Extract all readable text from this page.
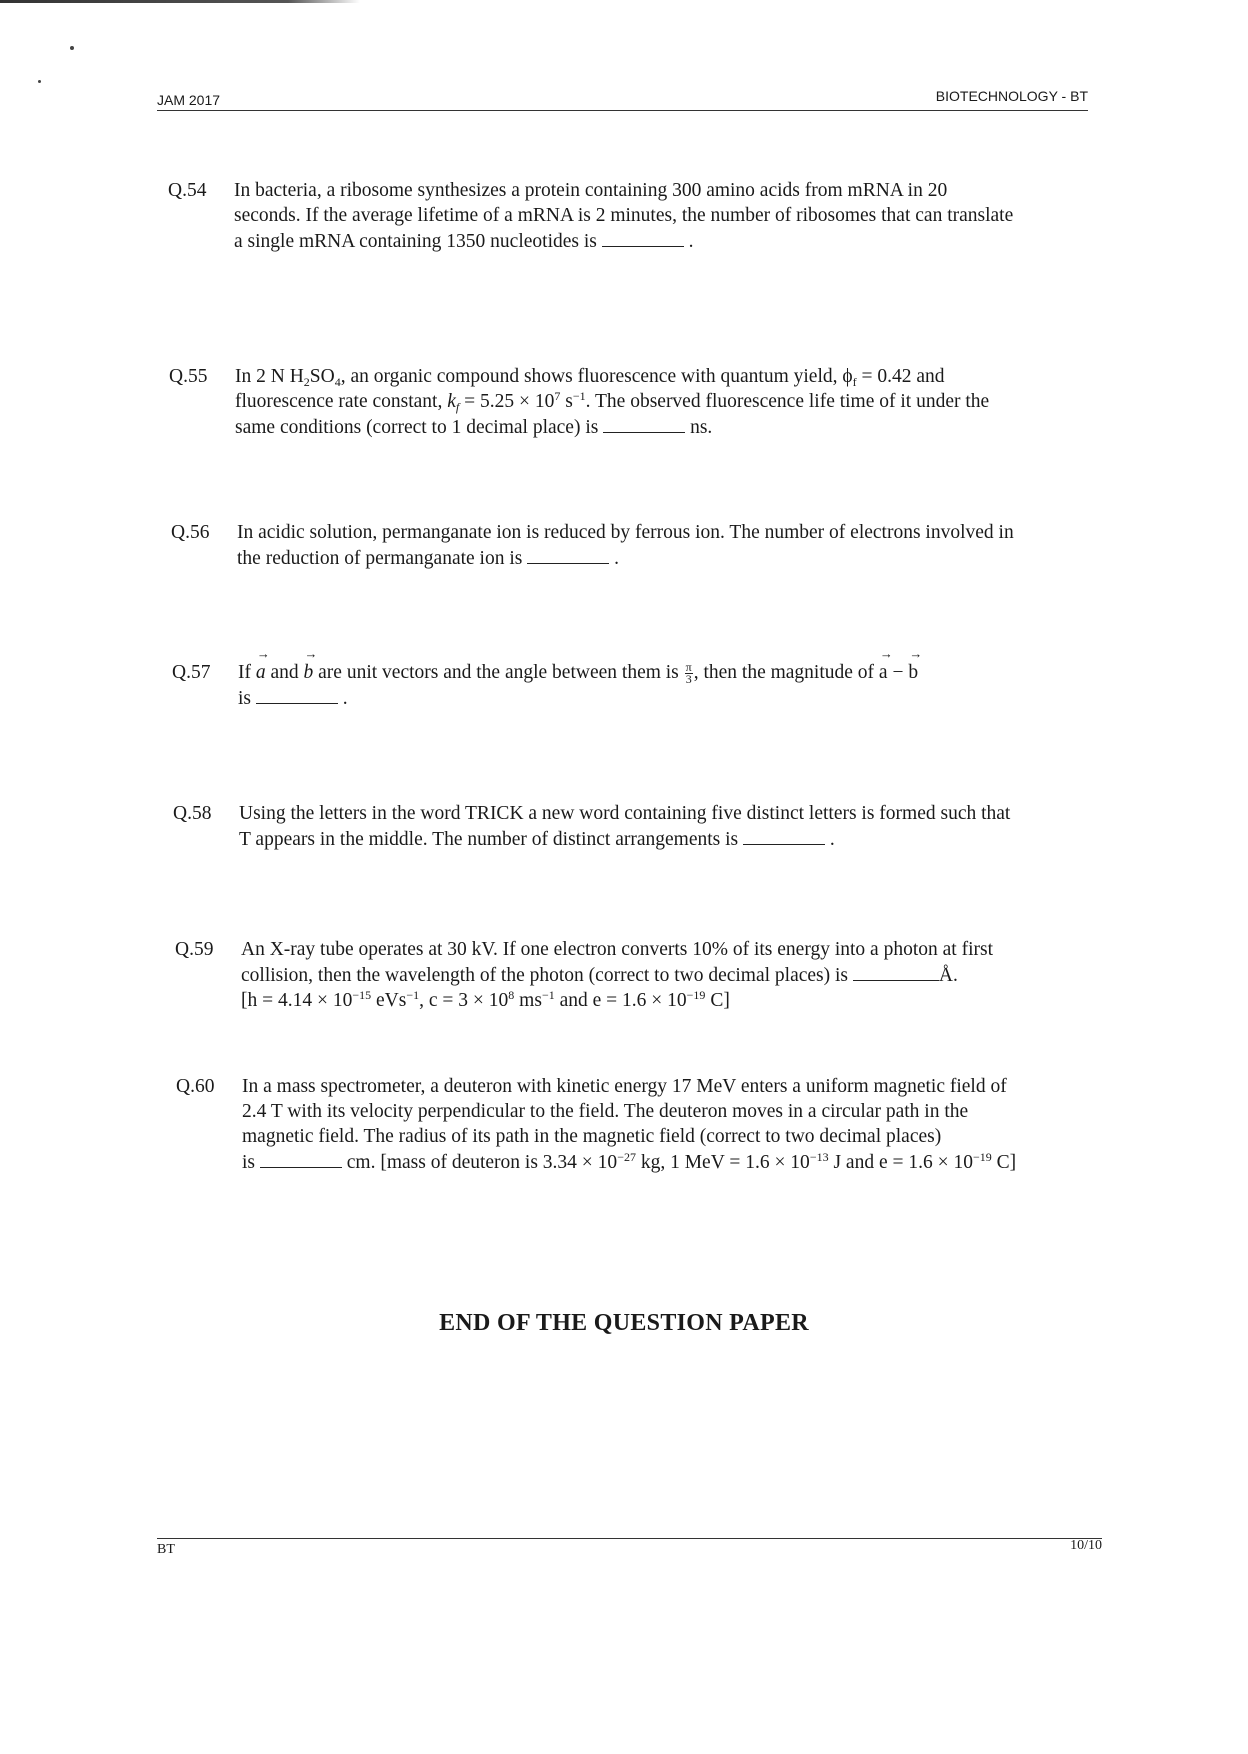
JAM 2017	BIOTECHNOLOGY - BT
Q.54	In bacteria, a ribosome synthesizes a protein containing 300 amino acids from mRNA in 20
seconds. If the average lifetime of a mRNA is 2 minutes, the number of ribosomes that can translate
a single mRNA containing 1350 nucleotides is	.
Q.55	In 2 N $H_2SO_4$, an organic compound shows fluorescence with quantum yield, $\phi_f = 0.42$ and
fluorescence rate constant, $k_f = 5.25 \times 10^7$ $s^{-1}$. The observed fluorescence life time of it under the
same conditions (correct to 1 decimal place) is	ns.
Q.56	In acidic solution, permanganate ion is reduced by ferrous ion. The number of electrons involved in
the reduction of permanganate ion is	.
Q.57	If
→
a and
→
b are unit vectors and the angle between them is $\frac{\pi}{3}$ , then the magnitude of
→
a −
→
b
is	.
Q.58	Using the letters in the word TRICK a new word containing five distinct letters is formed such that
T appears in the middle. The number of distinct arrangements is	.
Q.59	An X-ray tube operates at 30 kV. If one electron converts 10% of its energy into a photon at first
collision, then the wavelength of the photon (correct to two decimal places) is	Å.
[$h = 4.14 \times 10^{-15}$ eVs$^{-1}$, $c = 3 \times 10^8$ $ms^{-1}$ and $e = 1.6 \times 10^{-19}$ C]
Q.60	In a mass spectrometer, a deuteron with kinetic energy 17 MeV enters a uniform magnetic field of
2.4 T with its velocity perpendicular to the field. The deuteron moves in a circular path in the
magnetic field. The radius of its path in the magnetic field (correct to two decimal places)
is	cm. [mass of deuteron is $3.34 \times 10^{-27}$ kg, 1 MeV = $1.6 \times 10^{-13}$ J and $e = 1.6 \times 10^{-19}$ C]
END OF THE QUESTION PAPER
BT	10/10
